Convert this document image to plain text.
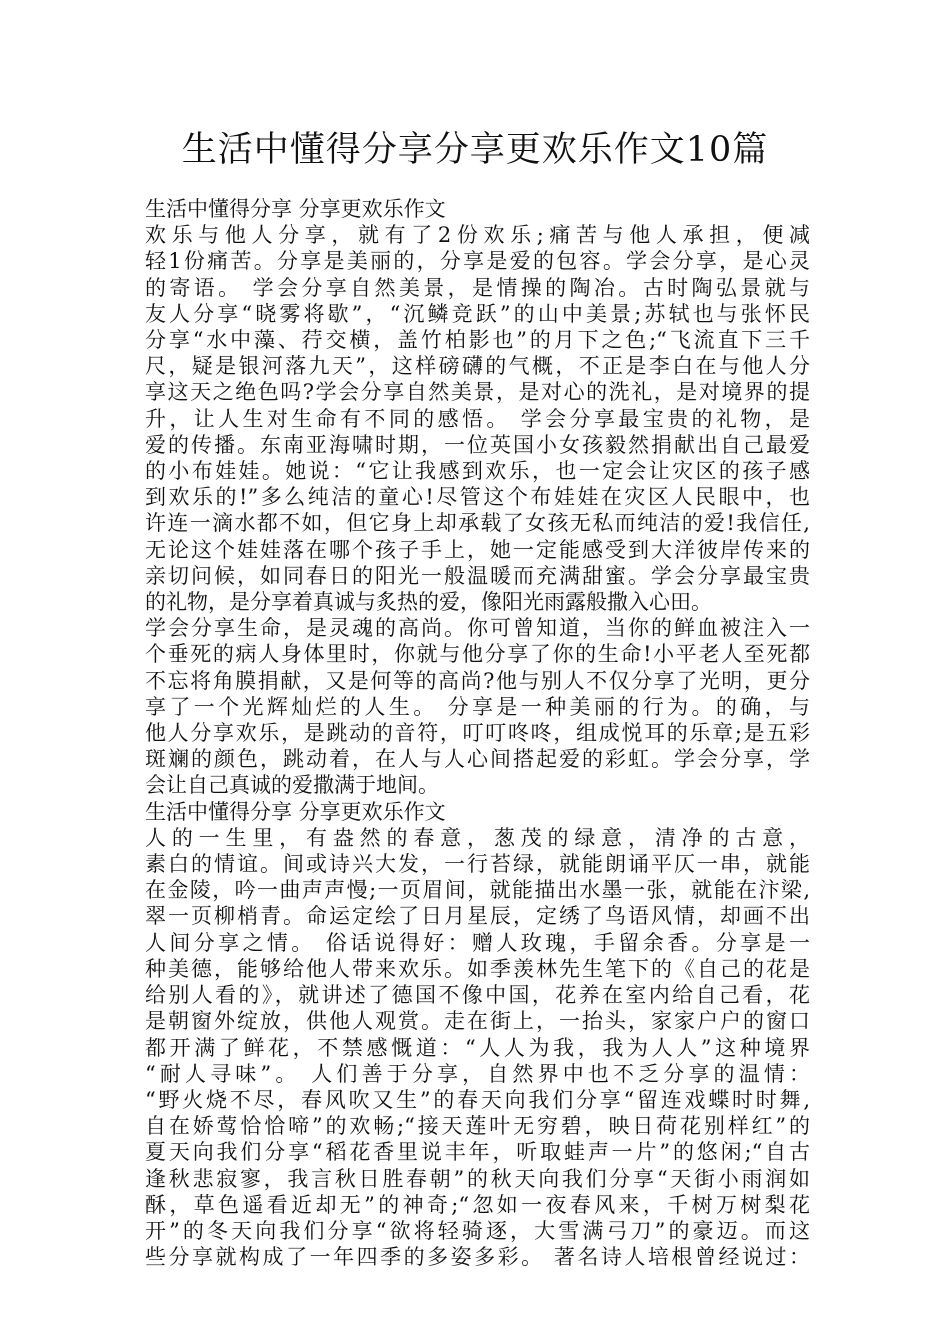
生活中懂得分享分享更欢乐作文10篇
生活中懂得分享 分享更欢乐作文
欢乐与他人分享，就有了2份欢乐;痛苦与他人承担，便减
轻1份痛苦。分享是美丽的，分享是爱的包容。学会分享，是心灵
的寄语。 学会分享自然美景，是情操的陶冶。古时陶弘景就与
友人分享“晓雾将歇”，“沉鳞竞跃”的山中美景;苏轼也与张怀民
分享“水中藻、荇交横，盖竹柏影也”的月下之色;“飞流直下三千
尺，疑是银河落九天”，这样磅礴的气概，不正是李白在与他人分
享这天之绝色吗?学会分享自然美景，是对心的洗礼，是对境界的提
升，让人生对生命有不同的感悟。 学会分享最宝贵的礼物，是
爱的传播。东南亚海啸时期，一位英国小女孩毅然捐献出自己最爱
的小布娃娃。她说：“它让我感到欢乐，也一定会让灾区的孩子感
到欢乐的!”多么纯洁的童心!尽管这个布娃娃在灾区人民眼中，也
许连一滴水都不如，但它身上却承载了女孩无私而纯洁的爱!我信任,
无论这个娃娃落在哪个孩子手上，她一定能感受到大洋彼岸传来的
亲切问候，如同春日的阳光一般温暖而充满甜蜜。学会分享最宝贵
的礼物，是分享着真诚与炙热的爱，像阳光雨露般撒入心田。
学会分享生命，是灵魂的高尚。你可曾知道，当你的鲜血被注入一
个垂死的病人身体里时，你就与他分享了你的生命!小平老人至死都
不忘将角膜捐献，又是何等的高尚?他与别人不仅分享了光明，更分
享了一个光辉灿烂的人生。 分享是一种美丽的行为。的确，与
他人分享欢乐，是跳动的音符，叮叮咚咚，组成悦耳的乐章;是五彩
斑斓的颜色，跳动着，在人与人心间搭起爱的彩虹。学会分享，学
会让自己真诚的爱撒满于地间。
生活中懂得分享 分享更欢乐作文
人的一生里，有盎然的春意，葱茂的绿意，清净的古意，
素白的情谊。间或诗兴大发，一行苔绿，就能朗诵平仄一串，就能
在金陵，吟一曲声声慢;一页眉间，就能描出水墨一张，就能在汴梁,
翠一页柳梢青。命运定绘了日月星辰，定绣了鸟语风情，却画不出
人间分享之情。 俗话说得好：赠人玫瑰，手留余香。分享是一
种美德，能够给他人带来欢乐。如季羡林先生笔下的《自己的花是
给别人看的》，就讲述了德国不像中国，花养在室内给自己看，花
是朝窗外绽放，供他人观赏。走在街上，一抬头，家家户户的窗口
都开满了鲜花，不禁感慨道：“人人为我，我为人人”这种境界
“耐人寻味”。 人们善于分享，自然界中也不乏分享的温情：
“野火烧不尽，春风吹又生”的春天向我们分享“留连戏蝶时时舞,
自在娇莺恰恰啼”的欢畅;“接天莲叶无穷碧，映日荷花别样红”的
夏天向我们分享“稻花香里说丰年，听取蛙声一片”的悠闲;“自古
逢秋悲寂寥，我言秋日胜春朝”的秋天向我们分享“天街小雨润如
酥，草色遥看近却无”的神奇;“忽如一夜春风来，千树万树梨花
开”的冬天向我们分享“欲将轻骑逐，大雪满弓刀”的豪迈。而这
些分享就构成了一年四季的多姿多彩。 著名诗人培根曾经说过：
